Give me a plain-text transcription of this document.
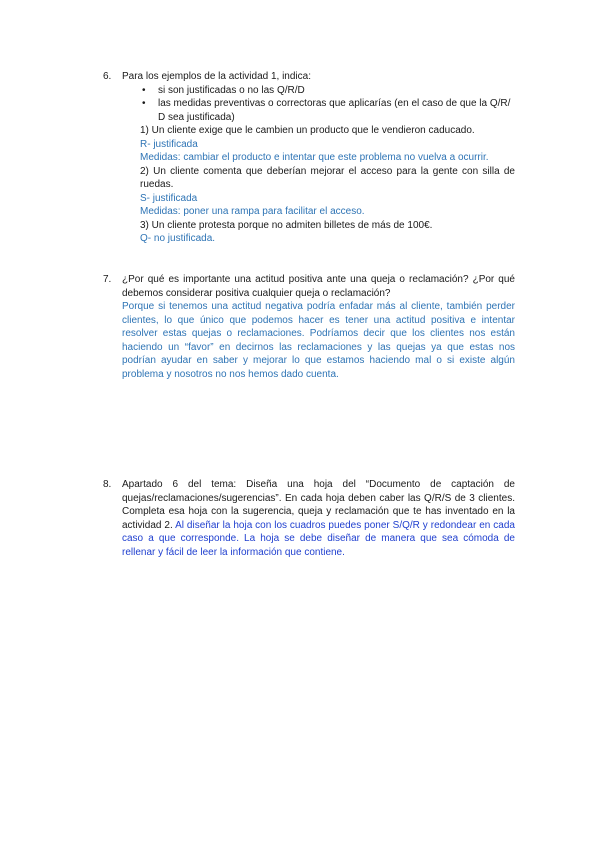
6.	Para los ejemplos de la actividad 1, indica:

• si son justificadas o no las Q/R/D
• las medidas preventivas o correctoras que aplicarías (en el caso de que la Q/R/ D sea justificada)

1) Un cliente exige que le cambien un producto que le vendieron caducado.

R- justificada

Medidas: cambiar el producto e intentar que este problema no vuelva a ocurrir.

2) Un cliente comenta que deberían mejorar el acceso para la gente con silla de ruedas.

S- justificada

Medidas: poner una rampa para facilitar el acceso.

3) Un cliente protesta porque no admiten billetes de más de 100€.

Q- no justificada.

7.	¿Por qué es importante una actitud positiva ante una queja o reclamación? ¿Por qué debemos considerar positiva cualquier queja o reclamación?

Porque si tenemos una actitud negativa podría enfadar más al cliente, también perder clientes, lo que único que podemos hacer es tener una actitud positiva e intentar resolver estas quejas o reclamaciones. Podríamos decir que los clientes nos están haciendo un “favor” en decirnos las reclamaciones y las quejas ya que estas nos podrían ayudar en saber y mejorar lo que estamos haciendo mal o si existe algún problema y nosotros no nos hemos dado cuenta.

8.	Apartado 6 del tema: Diseña una hoja del “Documento de captación de quejas/reclamaciones/sugerencias”. En cada hoja deben caber las Q/R/S de 3 clientes. Completa esa hoja con la sugerencia, queja y reclamación que te has inventado en la actividad 2. Al diseñar la hoja con los cuadros puedes poner S/Q/R y redondear en cada caso a que corresponde. La hoja se debe diseñar de manera que sea cómoda de rellenar y fácil de leer la información que contiene.
